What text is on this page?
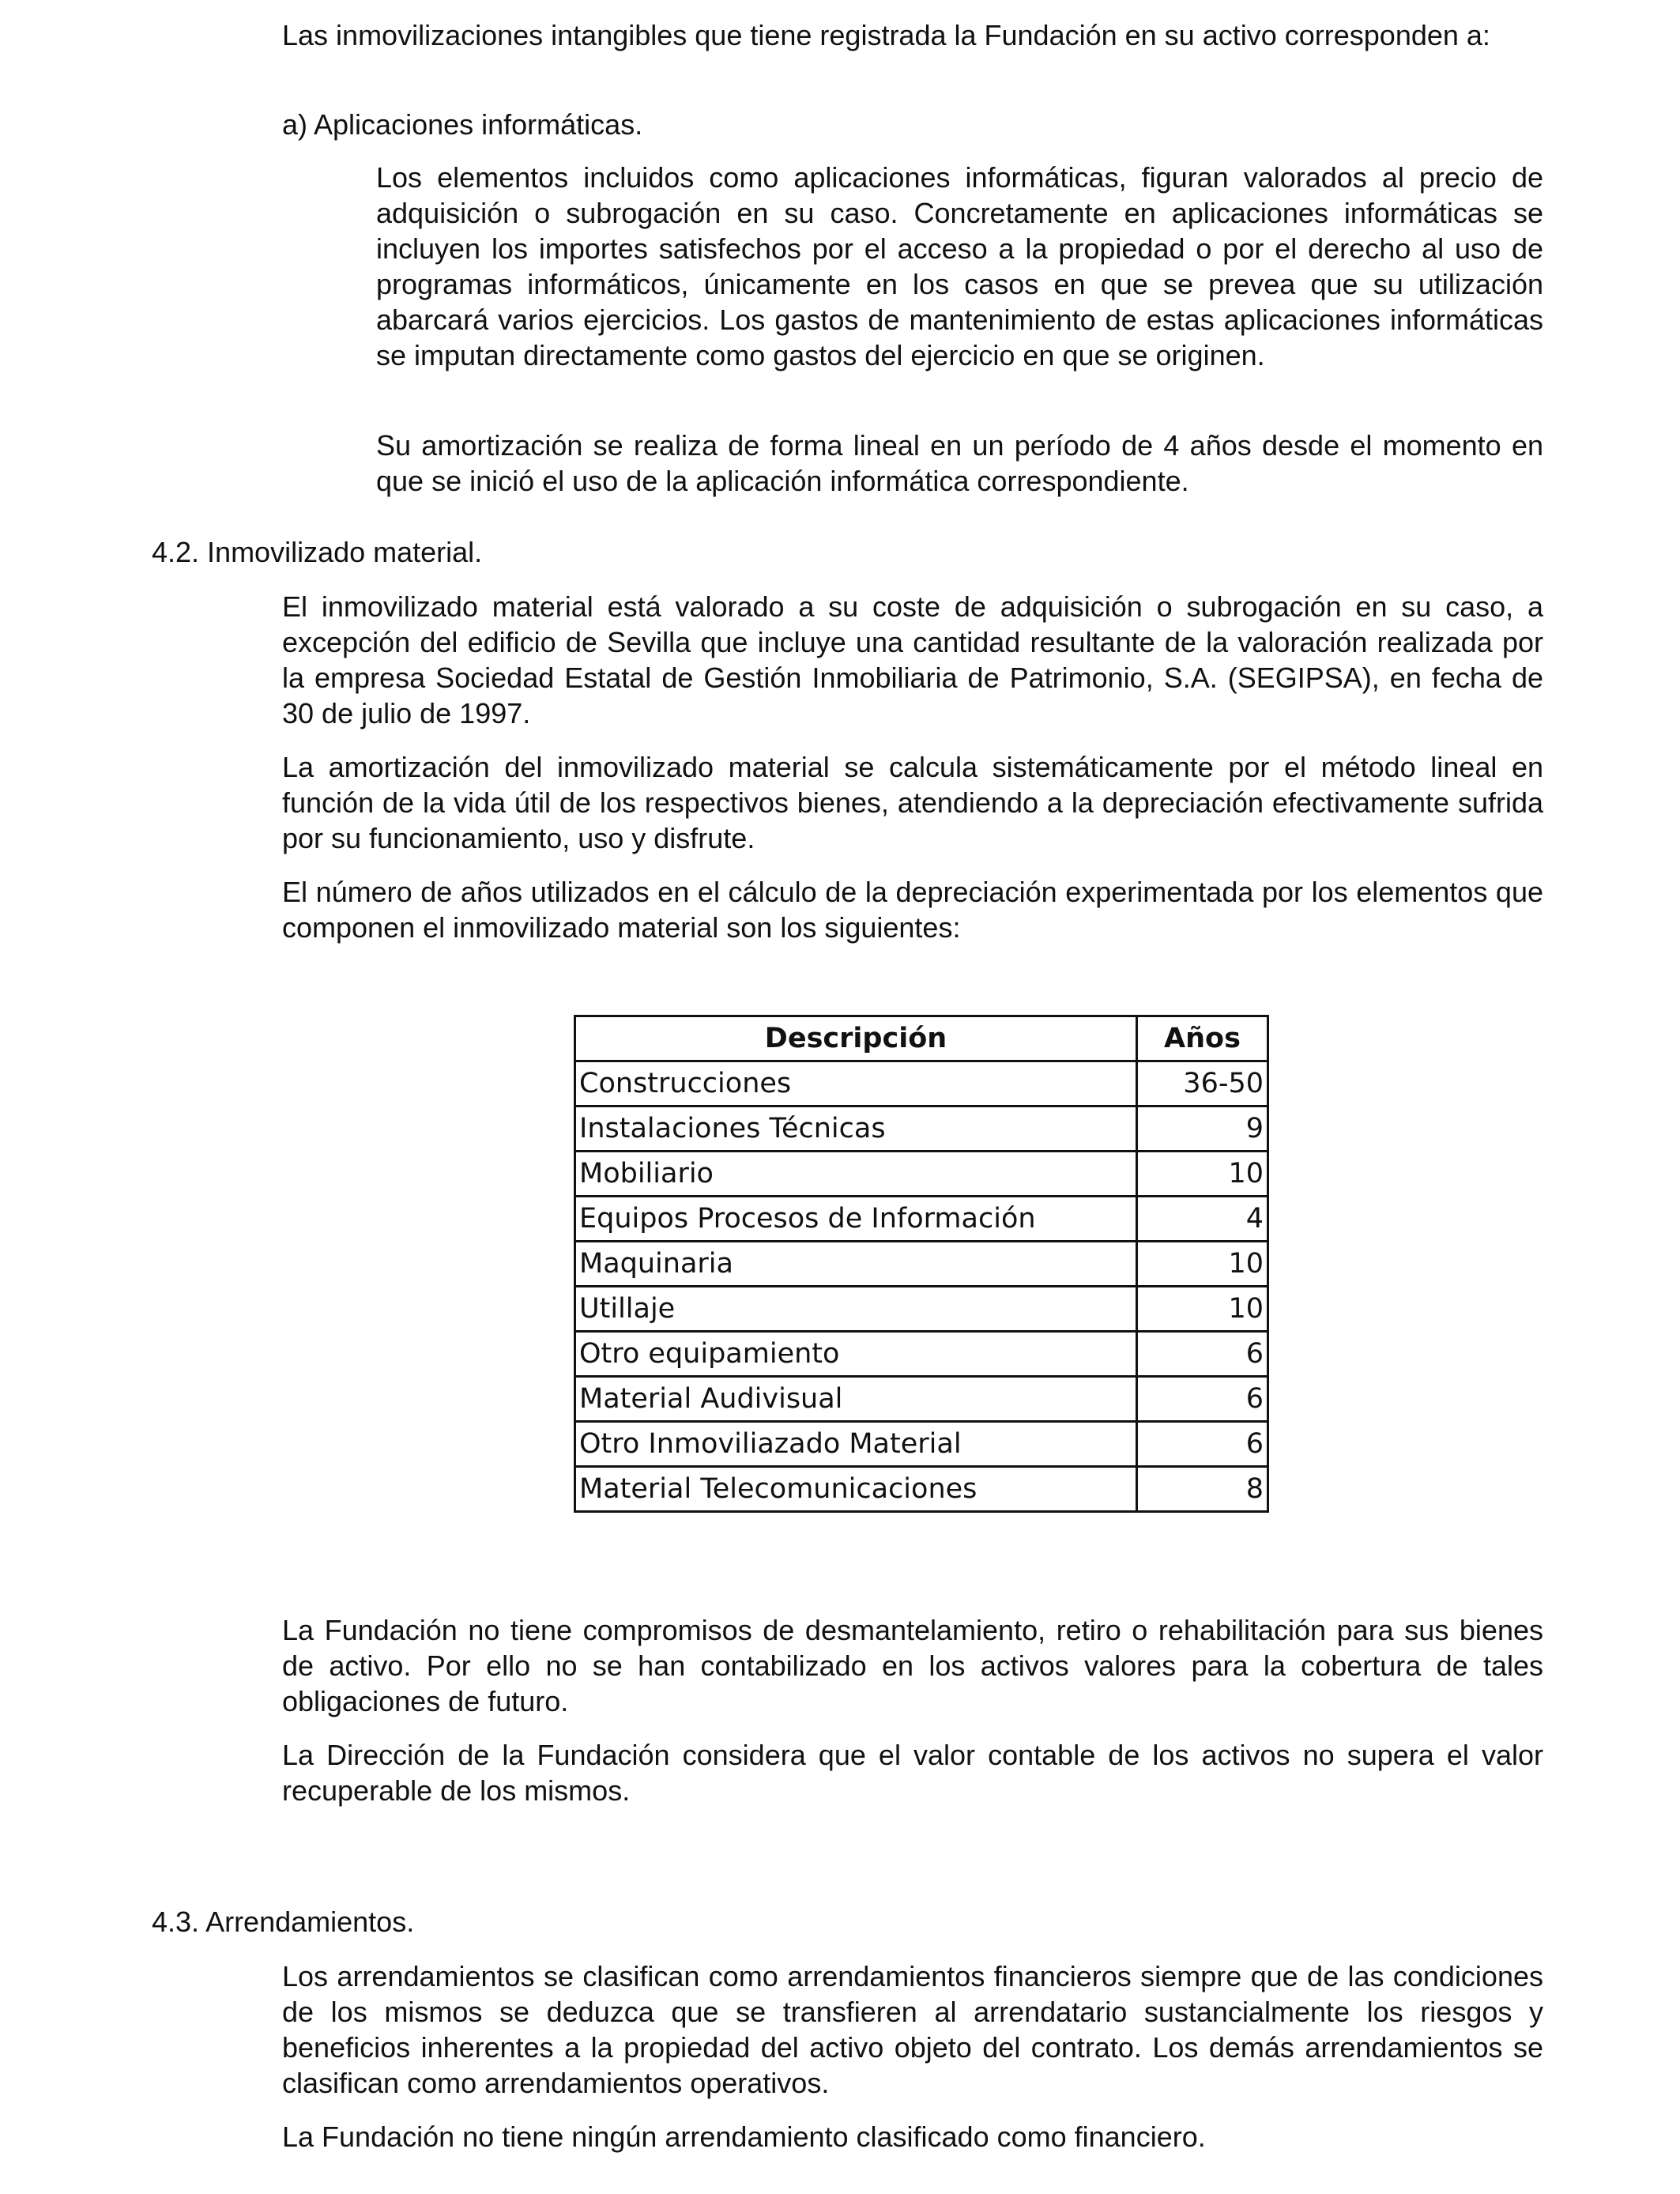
Las inmovilizaciones intangibles que tiene registrada la Fundación en su activo corresponden a:

a) Aplicaciones informáticas.

Los elementos incluidos como aplicaciones informáticas, figuran valorados al precio de adquisición o subrogación en su caso. Concretamente en aplicaciones informáticas se incluyen los importes satisfechos por el acceso a la propiedad o por el derecho al uso de programas informáticos, únicamente en los casos en que se prevea que su utilización abarcará varios ejercicios. Los gastos de mantenimiento de estas aplicaciones informáticas se imputan directamente como gastos del ejercicio en que se originen.

Su amortización se realiza de forma lineal en un período de 4 años desde el momento en que se inició el uso de la aplicación informática correspondiente.

4.2. Inmovilizado material.

El inmovilizado material está valorado a su coste de adquisición o subrogación en su caso, a excepción del edificio de Sevilla que incluye una cantidad resultante de la valoración realizada por la empresa Sociedad Estatal de Gestión Inmobiliaria de Patrimonio, S.A. (SEGIPSA), en fecha de 30 de julio de 1997.

La amortización del inmovilizado material se calcula sistemáticamente por el método lineal en función de la vida útil de los respectivos bienes, atendiendo a la depreciación efectivamente sufrida por su funcionamiento, uso y disfrute.

El número de años utilizados en el cálculo de la depreciación experimentada por los elementos que componen el inmovilizado material son los siguientes:

Descripción	Años
Construcciones	36-50
Instalaciones Técnicas	9
Mobiliario	10
Equipos Procesos de Información	4
Maquinaria	10
Utillaje	10
Otro equipamiento	6
Material Audivisual	6
Otro Inmoviliazado Material	6
Material Telecomunicaciones	8

La Fundación no tiene compromisos de desmantelamiento, retiro o rehabilitación para sus bienes de activo. Por ello no se han contabilizado en los activos valores para la cobertura de tales obligaciones de futuro.

La Dirección de la Fundación considera que el valor contable de los activos no supera el valor recuperable de los mismos.

4.3. Arrendamientos.

Los arrendamientos se clasifican como arrendamientos financieros siempre que de las condiciones de los mismos se deduzca que se transfieren al arrendatario sustancialmente los riesgos y beneficios inherentes a la propiedad del activo objeto del contrato. Los demás arrendamientos se clasifican como arrendamientos operativos.

La Fundación no tiene ningún arrendamiento clasificado como financiero.
